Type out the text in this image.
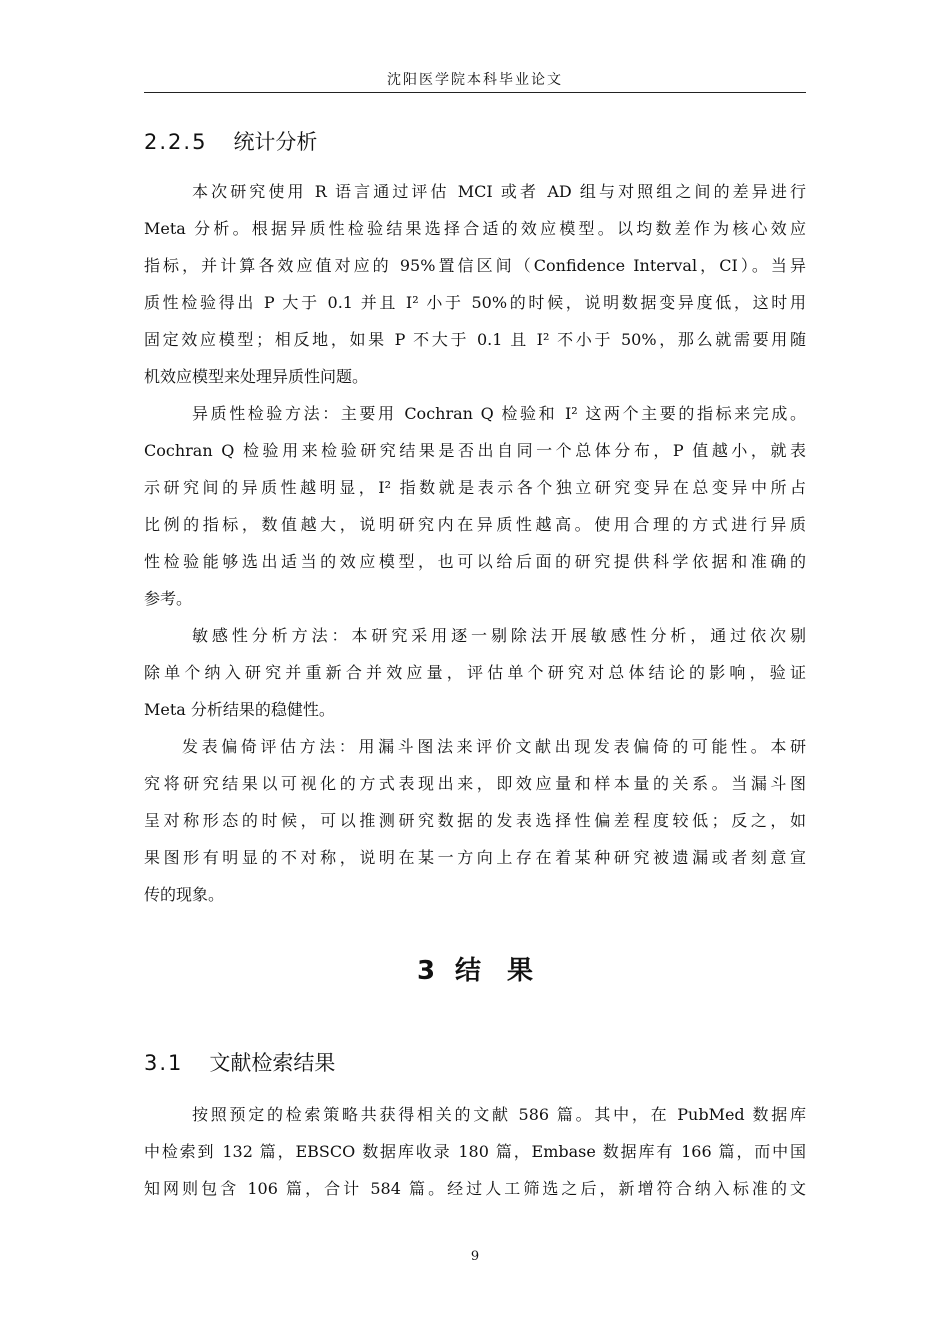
沈阳医学院本科毕业论文
2.2.5 统计分析
本次研究使用 R 语言通过评估 MCI 或者 AD 组与对照组之间的差异进行
Meta 分析。根据异质性检验结果选择合适的效应模型。以均数差作为核心效应
指标，并计算各效应值对应的 95%置信区间（Confidence Interval，CI）。当异
质性检验得出 P 大于 0.1 并且 I² 小于 50%的时候，说明数据变异度低，这时用
固定效应模型；相反地，如果 P 不大于 0.1 且 I² 不小于 50%，那么就需要用随
机效应模型来处理异质性问题。
异质性检验方法：主要用 Cochran Q 检验和 I² 这两个主要的指标来完成。
Cochran Q 检验用来检验研究结果是否出自同一个总体分布，P 值越小，就表
示研究间的异质性越明显，I² 指数就是表示各个独立研究变异在总变异中所占
比例的指标，数值越大，说明研究内在异质性越高。使用合理的方式进行异质
性检验能够选出适当的效应模型，也可以给后面的研究提供科学依据和准确的
参考。
敏感性分析方法：本研究采用逐一剔除法开展敏感性分析，通过依次剔
除单个纳入研究并重新合并效应量，评估单个研究对总体结论的影响，验证
Meta 分析结果的稳健性。
发表偏倚评估方法：用漏斗图法来评价文献出现发表偏倚的可能性。本研
究将研究结果以可视化的方式表现出来，即效应量和样本量的关系。当漏斗图
呈对称形态的时候，可以推测研究数据的发表选择性偏差程度较低；反之，如
果图形有明显的不对称，说明在某一方向上存在着某种研究被遗漏或者刻意宣
传的现象。
3 结　果
3.1 文献检索结果
按照预定的检索策略共获得相关的文献 586 篇。其中，在 PubMed 数据库
中检索到 132 篇，EBSCO 数据库收录 180 篇，Embase 数据库有 166 篇，而中国
知网则包含 106 篇，合计 584 篇。经过人工筛选之后，新增符合纳入标准的文
9
